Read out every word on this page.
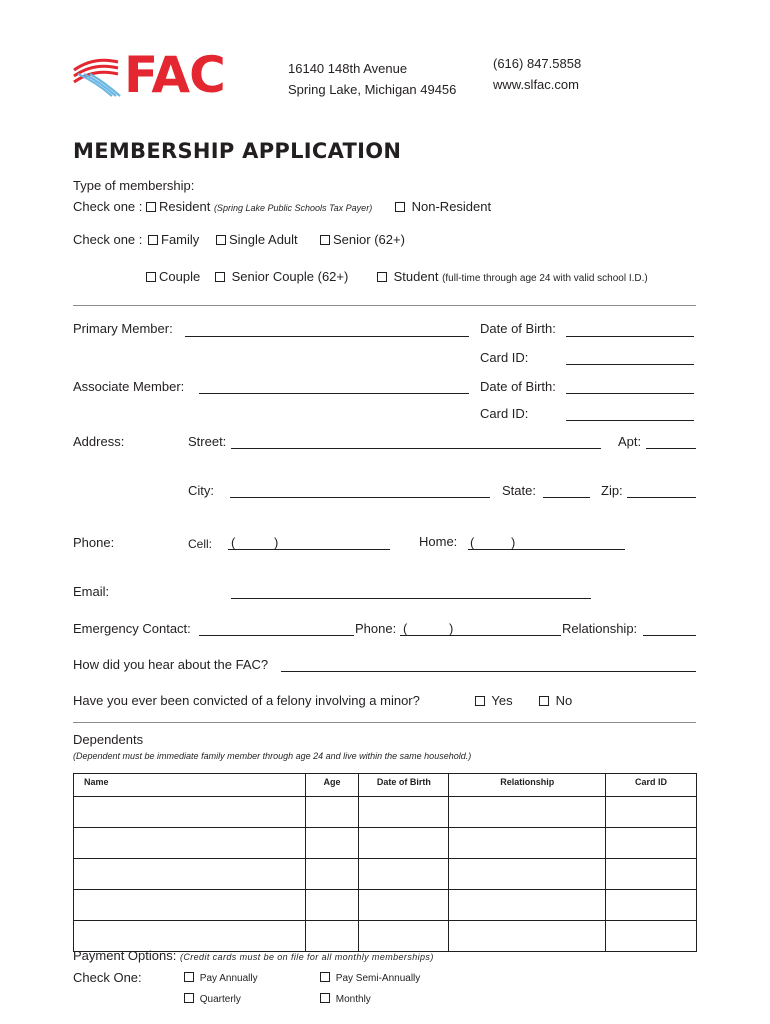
FAC	16140 148th Avenue
Spring Lake, Michigan 49456
(616) 847.5858
www.slfac.com
MEMBERSHIP APPLICATION
Type of membership:
Check one : Resident (Spring Lake Public Schools Tax Payer)	Non-Resident
Check one :	Family	Single Adult	Senior (62+)
Couple	Senior Couple (62+)	Student (full-time through age 24 with valid school I.D.)
Primary Member:	Date of Birth:
Card ID:
Associate Member:	Date of Birth:
Card ID:
Address:	Street:	Apt:
City:	State:	Zip:
Phone:	Cell: (	)	Home: (	)
Email:
Emergency Contact:	Phone: (	)	Relationship:
How did you hear about the FAC?
Have you ever been convicted of a felony involving a minor?	Yes	No
Dependents
(Dependent must be immediate family member through age 24 and live within the same household.)
Name	Age	Date of Birth	Relationship	Card ID

Payment Options: (Credit cards must be on file for all monthly memberships)
Check One:	Pay Annually	Pay Semi-Annually
Quarterly	Monthly
